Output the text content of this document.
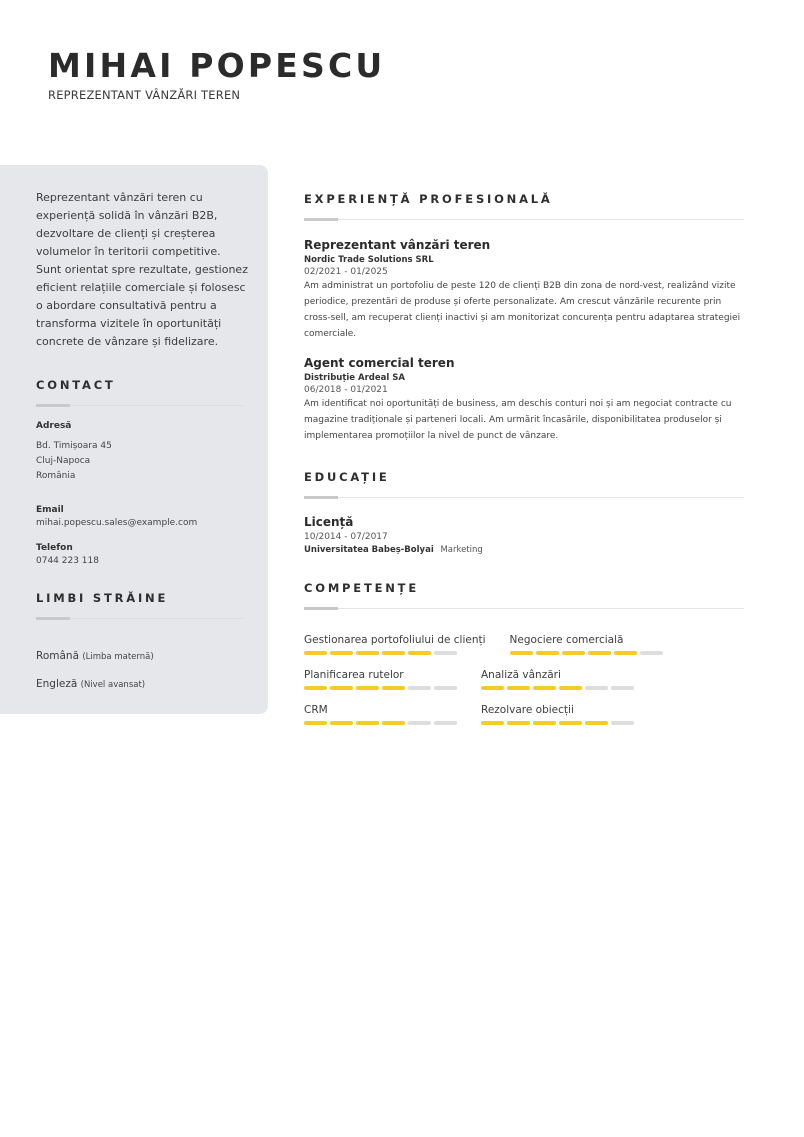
MIHAI POPESCU
REPREZENTANT VÂNZĂRI TEREN

Reprezentant vânzări teren cu experiență solidă în vânzări B2B, dezvoltare de clienți și creșterea volumelor în teritorii competitive. Sunt orientat spre rezultate, gestionez eficient relațiile comerciale și folosesc o abordare consultativă pentru a transforma vizitele în oportunități concrete de vânzare și fidelizare.

CONTACT
Adresă
Bd. Timișoara 45
Cluj-Napoca
România
Email
mihai.popescu.sales@example.com
Telefon
0744 223 118
LIMBI STRĂINE
Română (Limba maternă)
Engleză (Nivel avansat)
EXPERIENȚĂ PROFESIONALĂ
Reprezentant vânzări teren
Nordic Trade Solutions SRL
02/2021 - 01/2025
Am administrat un portofoliu de peste 120 de clienți B2B din zona de nord-vest, realizând vizite periodice, prezentări de produse și oferte personalizate. Am crescut vânzările recurente prin cross-sell, am recuperat clienți inactivi și am monitorizat concurența pentru adaptarea strategiei comerciale.
Agent comercial teren
Distribuție Ardeal SA
06/2018 - 01/2021
Am identificat noi oportunități de business, am deschis conturi noi și am negociat contracte cu magazine tradiționale și parteneri locali. Am urmărit încasările, disponibilitatea produselor și implementarea promoțiilor la nivel de punct de vânzare.
EDUCAȚIE
Licență
10/2014 - 07/2017
Universitatea Babeș-Bolyai Marketing
COMPETENȚE
Gestionarea portofoliului de clienți Negociere comercială
Planificarea rutelor	Analiză vânzări
CRM	Rezolvare obiecții
